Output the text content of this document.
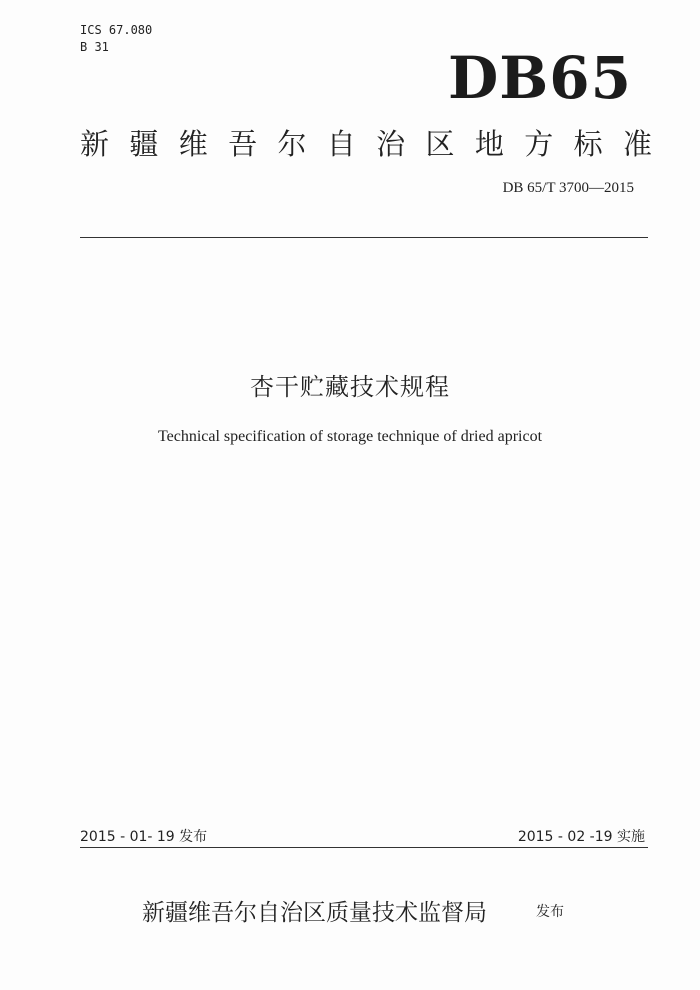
ICS 67.080
B 31	DB65
新 疆 维 吾 尔 自 治 区 地 方 标 准
DB 65/T 3700—2015
杏干贮藏技术规程
Technical specification of storage technique of dried apricot
2015 - 01- 19 发布	2015 - 02 -19 实施
新疆维吾尔自治区质量技术监督局	发布
